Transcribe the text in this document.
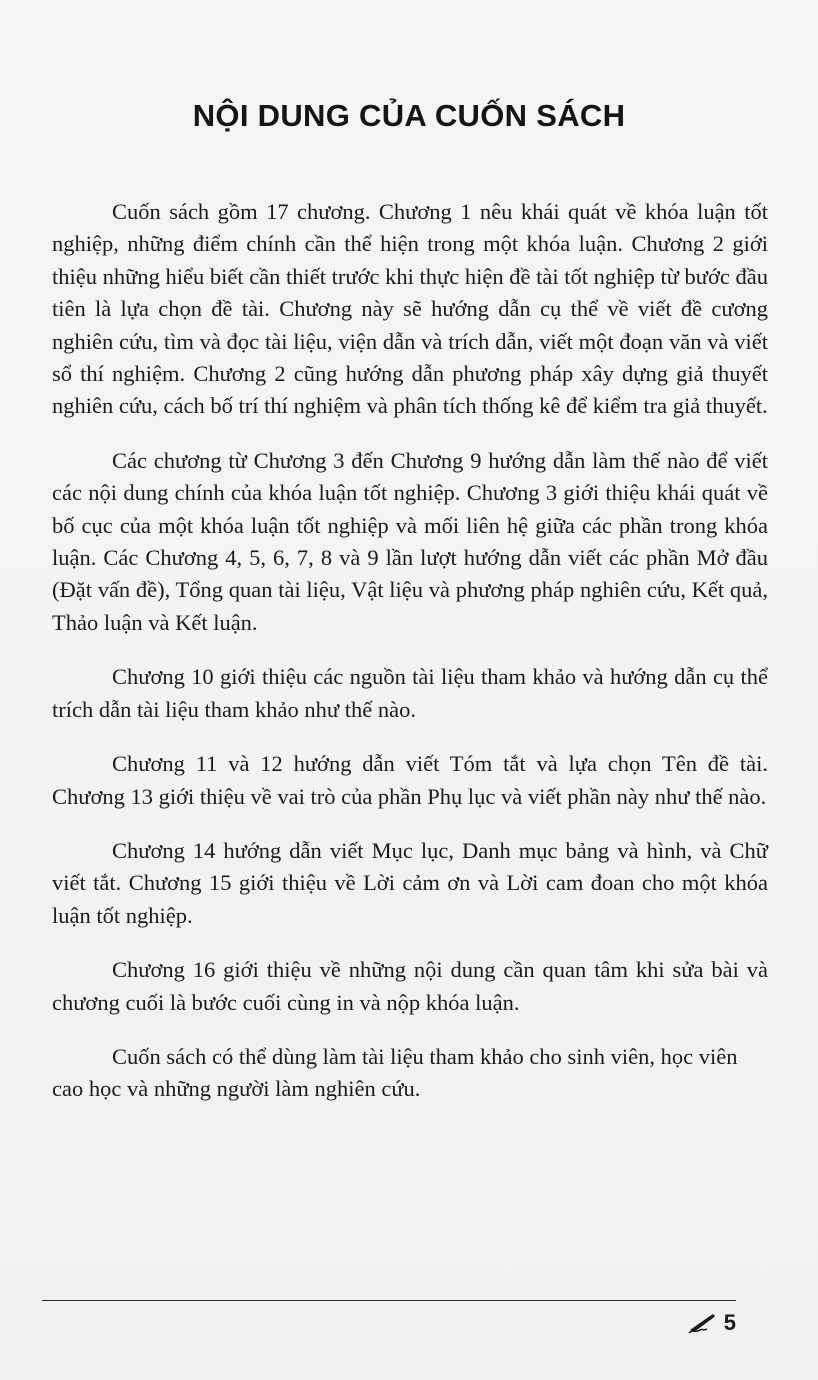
NỘI DUNG CỦA CUỐN SÁCH

Cuốn sách gồm 17 chương. Chương 1 nêu khái quát về khóa luận tốt nghiệp, những điểm chính cần thể hiện trong một khóa luận. Chương 2 giới thiệu những hiểu biết cần thiết trước khi thực hiện đề tài tốt nghiệp từ bước đầu tiên là lựa chọn đề tài. Chương này sẽ hướng dẫn cụ thể về viết đề cương nghiên cứu, tìm và đọc tài liệu, viện dẫn và trích dẫn, viết một đoạn văn và viết sổ thí nghiệm. Chương 2 cũng hướng dẫn phương pháp xây dựng giả thuyết nghiên cứu, cách bố trí thí nghiệm và phân tích thống kê để kiểm tra giả thuyết.

Các chương từ Chương 3 đến Chương 9 hướng dẫn làm thế nào để viết các nội dung chính của khóa luận tốt nghiệp. Chương 3 giới thiệu khái quát về bố cục của một khóa luận tốt nghiệp và mối liên hệ giữa các phần trong khóa luận. Các Chương 4, 5, 6, 7, 8 và 9 lần lượt hướng dẫn viết các phần Mở đầu (Đặt vấn đề), Tổng quan tài liệu, Vật liệu và phương pháp nghiên cứu, Kết quả, Thảo luận và Kết luận.

Chương 10 giới thiệu các nguồn tài liệu tham khảo và hướng dẫn cụ thể trích dẫn tài liệu tham khảo như thế nào.

Chương 11 và 12 hướng dẫn viết Tóm tắt và lựa chọn Tên đề tài. Chương 13 giới thiệu về vai trò của phần Phụ lục và viết phần này như thế nào.

Chương 14 hướng dẫn viết Mục lục, Danh mục bảng và hình, và Chữ viết tắt. Chương 15 giới thiệu về Lời cảm ơn và Lời cam đoan cho một khóa luận tốt nghiệp.

Chương 16 giới thiệu về những nội dung cần quan tâm khi sửa bài và chương cuối là bước cuối cùng in và nộp khóa luận.

Cuốn sách có thể dùng làm tài liệu tham khảo cho sinh viên, học viên cao học và những người làm nghiên cứu.

5
